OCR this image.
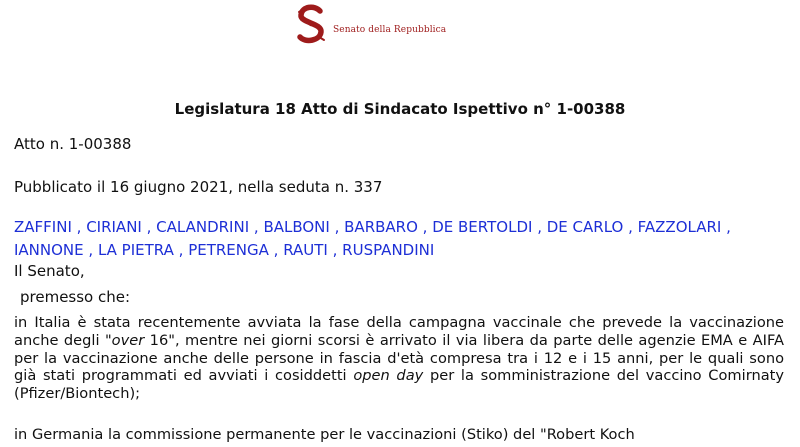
Senato della Repubblica
Legislatura 18 Atto di Sindacato Ispettivo n° 1-00388
Atto n. 1-00388
Pubblicato il 16 giugno 2021, nella seduta n. 337
ZAFFINI , CIRIANI , CALANDRINI , BALBONI , BARBARO , DE BERTOLDI , DE CARLO , FAZZOLARI , IANNONE , LA PIETRA , PETRENGA , RAUTI , RUSPANDINI
Il Senato,
premesso che:
in Italia è stata recentemente avviata la fase della campagna vaccinale che prevede la vaccinazione anche degli "over 16", mentre nei giorni scorsi è arrivato il via libera da parte delle agenzie EMA e AIFA per la vaccinazione anche delle persone in fascia d'età compresa tra i 12 e i 15 anni, per le quali sono già stati programmati ed avviati i cosiddetti open day per la somministrazione del vaccino Comirnaty (Pfizer/Biontech);
in Germania la commissione permanente per le vaccinazioni (Stiko) del "Robert Koch
